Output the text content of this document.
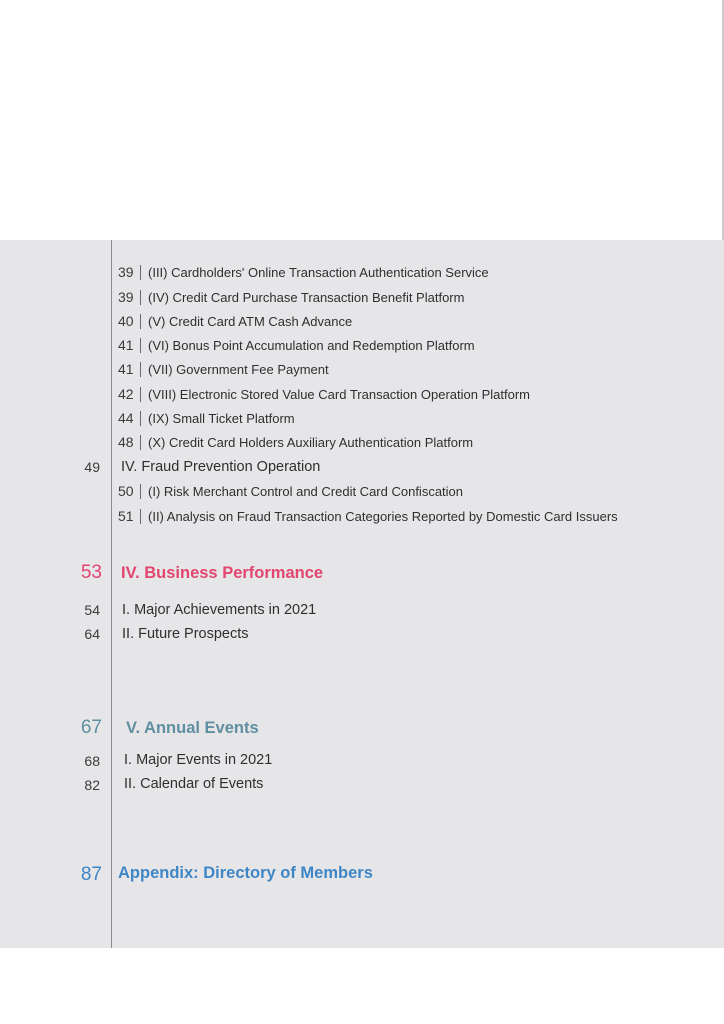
39 (III) Cardholders' Online Transaction Authentication Service
39 (IV) Credit Card Purchase Transaction Benefit Platform
40 (V) Credit Card ATM Cash Advance
41 (VI) Bonus Point Accumulation and Redemption Platform
41 (VII) Government Fee Payment
42 (VIII) Electronic Stored Value Card Transaction Operation Platform
44 (IX) Small Ticket Platform
48 (X) Credit Card Holders Auxiliary Authentication Platform
49 IV. Fraud Prevention Operation
50 (I) Risk Merchant Control and Credit Card Confiscation
51 (II) Analysis on Fraud Transaction Categories Reported by Domestic Card Issuers
53 IV. Business Performance
54 I. Major Achievements in 2021
64 II. Future Prospects
67 V. Annual Events
68 I. Major Events in 2021
82 II. Calendar of Events
87 Appendix: Directory of Members
